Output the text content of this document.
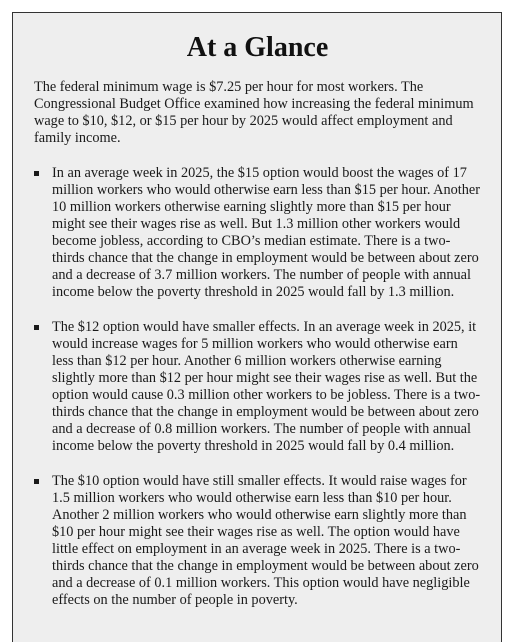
At a Glance

The federal minimum wage is $7.25 per hour for most workers. The Congressional Budget Office examined how increasing the federal minimum wage to $10, $12, or $15 per hour by 2025 would affect employment and family income.

In an average week in 2025, the $15 option would boost the wages of 17 million workers who would otherwise earn less than $15 per hour. Another 10 million workers otherwise earning slightly more than $15 per hour might see their wages rise as well. But 1.3 million other workers would become jobless, according to CBO’s median estimate. There is a two-thirds chance that the change in employment would be between about zero and a decrease of 3.7 million workers. The number of people with annual income below the poverty threshold in 2025 would fall by 1.3 million.
The $12 option would have smaller effects. In an average week in 2025, it would increase wages for 5 million workers who would otherwise earn less than $12 per hour. Another 6 million workers otherwise earning slightly more than $12 per hour might see their wages rise as well. But the option would cause 0.3 million other workers to be jobless. There is a two-thirds chance that the change in employment would be between about zero and a decrease of 0.8 million workers. The number of people with annual income below the poverty threshold in 2025 would fall by 0.4 million.
The $10 option would have still smaller effects. It would raise wages for 1.5 million workers who would otherwise earn less than $10 per hour. Another 2 million workers who would otherwise earn slightly more than $10 per hour might see their wages rise as well. The option would have little effect on employment in an average week in 2025. There is a two-thirds chance that the change in employment would be between about zero and a decrease of 0.1 million workers. This option would have negligible effects on the number of people in poverty.
